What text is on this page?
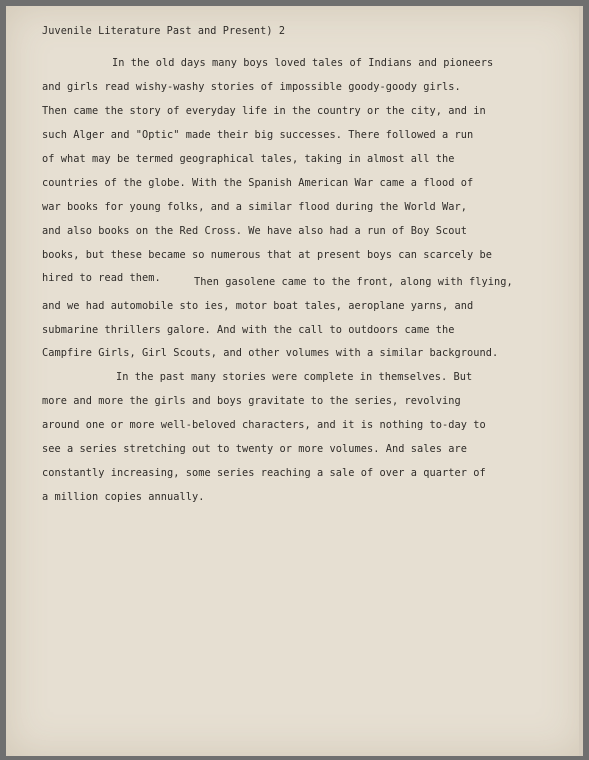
Juvenile Literature Past and Present) 2
In the old days many boys loved tales of Indians and pioneers
and girls read wishy-washy stories of impossible goody-goody girls.
Then came the story of everyday life in the country or the city, and in
such Alger and "Optic" made their big successes. There followed a run
of what may be termed geographical tales, taking in almost all the
countries of the globe. With the Spanish American War came a flood of
war books for young folks, and a similar flood during the World War,
and also books on the Red Cross. We have also had a run of Boy Scout
books, but these became so numerous that at present boys can scarcely be
hired to read them.	Then gasolene came to the front, along with flying,
and we had automobile sto ies, motor boat tales, aeroplane yarns, and
submarine thrillers galore. And with the call to outdoors came the
Campfire Girls, Girl Scouts, and other volumes with a similar background.
In the past many stories were complete in themselves. But
more and more the girls and boys gravitate to the series, revolving
around one or more well-beloved characters, and it is nothing to-day to
see a series stretching out to twenty or more volumes. And sales are
constantly increasing, some series reaching a sale of over a quarter of
a million copies annually.
